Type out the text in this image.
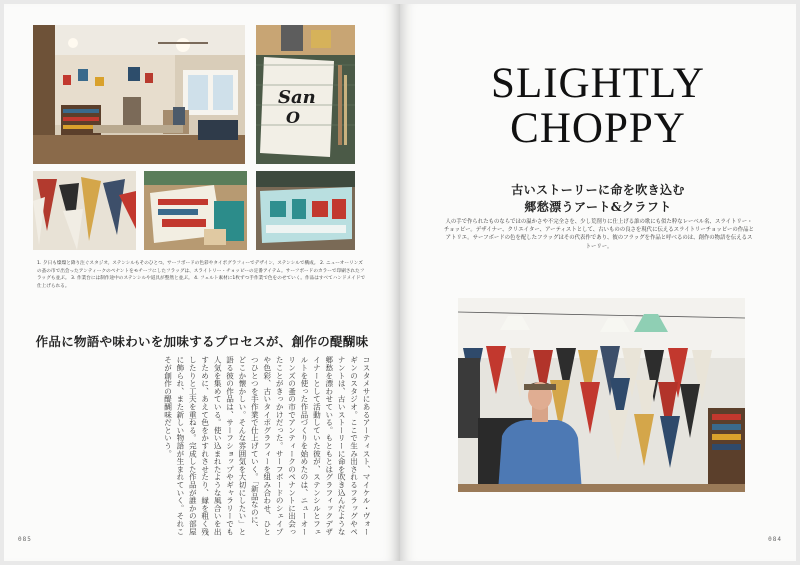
San
O
1. 夕日も燦燦と降り注ぐスタジオ。ステンシルもそのひとつ。サーフボードの色彩やタイポグラフィーでデザイン、ステンシルで構成。 2. ニューオーリンズの蚤の市で出会ったアンティークのペナントをモチーフにしたフラッグは、スライトリー・チョッピーの定番アイテム。サーフボードのカラーで印刷されたフラッグも並ぶ。 3. 作業台には制作途中のステンシルや道具が整然と並ぶ。 4. フェルト素材に1枚ずつ手作業で色をのせていく。作品はすべてハンドメイドで仕上げられる。
作品に物語や味わいを加味するプロセスが、創作の醍醐味
コスタメサにあるアーティスト、マイケル・ヴォーギンのスタジオ。ここで生み出されるフラッグやペナントは、古いストーリーに命を吹き込んだような郷愁を漂わせている。もともとはグラフィックデザイナーとして活動していた彼が、ステンシルとフェルトを使った作品づくりを始めたのは、ニューオーリンズの蚤の市でアンティークのペナントに出会ったことがきっかけだった。サーフボードのシェイプや色彩、古いタイポグラフィーを組み合わせ、ひとつひとつを手作業で仕上げていく。「新品なのに、どこか懐かしい。そんな雰囲気を大切にしたい」と語る彼の作品は、サーフショップやギャラリーでも人気を集めている。使い込まれたような風合いを出すために、あえて色をかすれさせたり、縁を粗く残したりと工夫を重ねる。完成した作品が誰かの部屋に飾られ、また新しい物語が生まれていく。それこそが創作の醍醐味だという。
085
SLIGHTLY
CHOPPY
古いストーリーに命を吹き込む
郷愁漂うアート&クラフト
人の手で作られたものならではの温かさや不完全さを、少し荒削りに仕上げる誰の歌にも似た粋なレーベル名、スライトリー・チョッピー。デザイナー、クリエイター、アーティストとして、古いものの良さを現代に伝えるスライトリーチョッピーの作品とアトリエ。サーフボードの色を配したフラッグはその代表作であり、彼のフラッグを作品と呼べるのは、創作の物語を伝えるストーリー。
084
